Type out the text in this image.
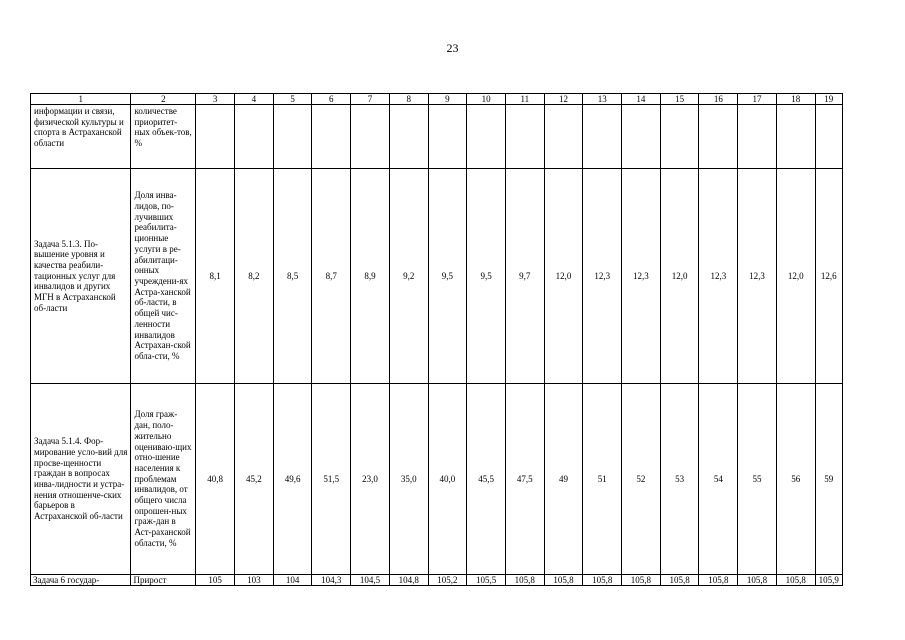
23
1	2	3	4	5	6	7	8	9	10	11	12	13	14	15	16	17	18	19
информации и связи, физической культуры и спорта в Астраханской области	количестве приоритет-ных объек-тов, %																	
Задача 5.1.3. По-вышение уровня и качества реабили-тационных услуг для инвалидов и других МГН в Астраханской об-ласти	Доля инва-лидов, по-лучивших реабилита-ционные услуги в ре-абилитаци-онных учреждени-ях Астра-ханской об-ласти, в общей чис-ленности инвалидов Астрахан-ской обла-сти, %	8,1	8,2	8,5	8,7	8,9	9,2	9,5	9,5	9,7	12,0	12,3	12,3	12,0	12,3	12,3	12,0	12,6
Задача 5.1.4. Фор-мирование усло-вий для просве-щенности граждан в вопросах инва-лидности и устра-нения отношенче-ских барьеров в Астраханской об-ласти	Доля граж-дан, поло-жительно оцениваю-щих отно-шение населения к проблемам инвалидов, от общего числа опрошен-ных граж-дан в Аст-раханской области, %	40,8	45,2	49,6	51,5	23,0	35,0	40,0	45,5	47,5	49	51	52	53	54	55	56	59
Задача 6 государ-	Прирост	105	103	104	104,3	104,5	104,8	105,2	105,5	105,8	105,8	105,8	105,8	105,8	105,8	105,8	105,8	105,9
